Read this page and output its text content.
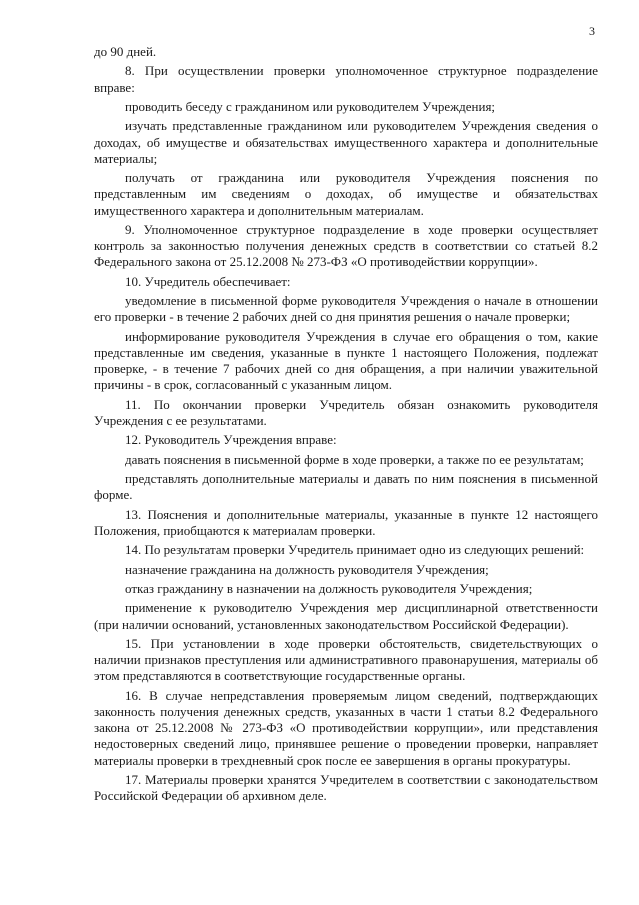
3

до 90 дней.

8. При осуществлении проверки уполномоченное структурное подразделение вправе:

проводить беседу с гражданином или руководителем Учреждения;

изучать представленные гражданином или руководителем Учреждения сведения о доходах, об имуществе и обязательствах имущественного характера и дополнительные материалы;

получать от гражданина или руководителя Учреждения пояснения по представленным им сведениям о доходах, об имуществе и обязательствах имущественного характера и дополнительным материалам.

9. Уполномоченное структурное подразделение в ходе проверки осуществляет контроль за законностью получения денежных средств в соответствии со статьей 8.2 Федерального закона от 25.12.2008 № 273-ФЗ «О противодействии коррупции».

10. Учредитель обеспечивает:

уведомление в письменной форме руководителя Учреждения о начале в отношении его проверки - в течение 2 рабочих дней со дня принятия решения о начале проверки;

информирование руководителя Учреждения в случае его обращения о том, какие представленные им сведения, указанные в пункте 1 настоящего Положения, подлежат проверке, - в течение 7 рабочих дней со дня обращения, а при наличии уважительной причины - в срок, согласованный с указанным лицом.

11. По окончании проверки Учредитель обязан ознакомить руководителя Учреждения с ее результатами.

12. Руководитель Учреждения вправе:

давать пояснения в письменной форме в ходе проверки, а также по ее результатам;

представлять дополнительные материалы и давать по ним пояснения в письменной форме.

13. Пояснения и дополнительные материалы, указанные в пункте 12 настоящего Положения, приобщаются к материалам проверки.

14. По результатам проверки Учредитель принимает одно из следующих решений:

назначение гражданина на должность руководителя Учреждения;

отказ гражданину в назначении на должность руководителя Учреждения;

применение к руководителю Учреждения мер дисциплинарной ответственности (при наличии оснований, установленных законодательством Российской Федерации).

15. При установлении в ходе проверки обстоятельств, свидетельствующих о наличии признаков преступления или административного правонарушения, материалы об этом представляются в соответствующие государственные органы.

16. В случае непредставления проверяемым лицом сведений, подтверждающих законность получения денежных средств, указанных в части 1 статьи 8.2 Федерального закона от 25.12.2008 № 273-ФЗ «О противодействии коррупции», или представления недостоверных сведений лицо, принявшее решение о проведении проверки, направляет материалы проверки в трехдневный срок после ее завершения в органы прокуратуры.

17. Материалы проверки хранятся Учредителем в соответствии с законодательством Российской Федерации об архивном деле.
